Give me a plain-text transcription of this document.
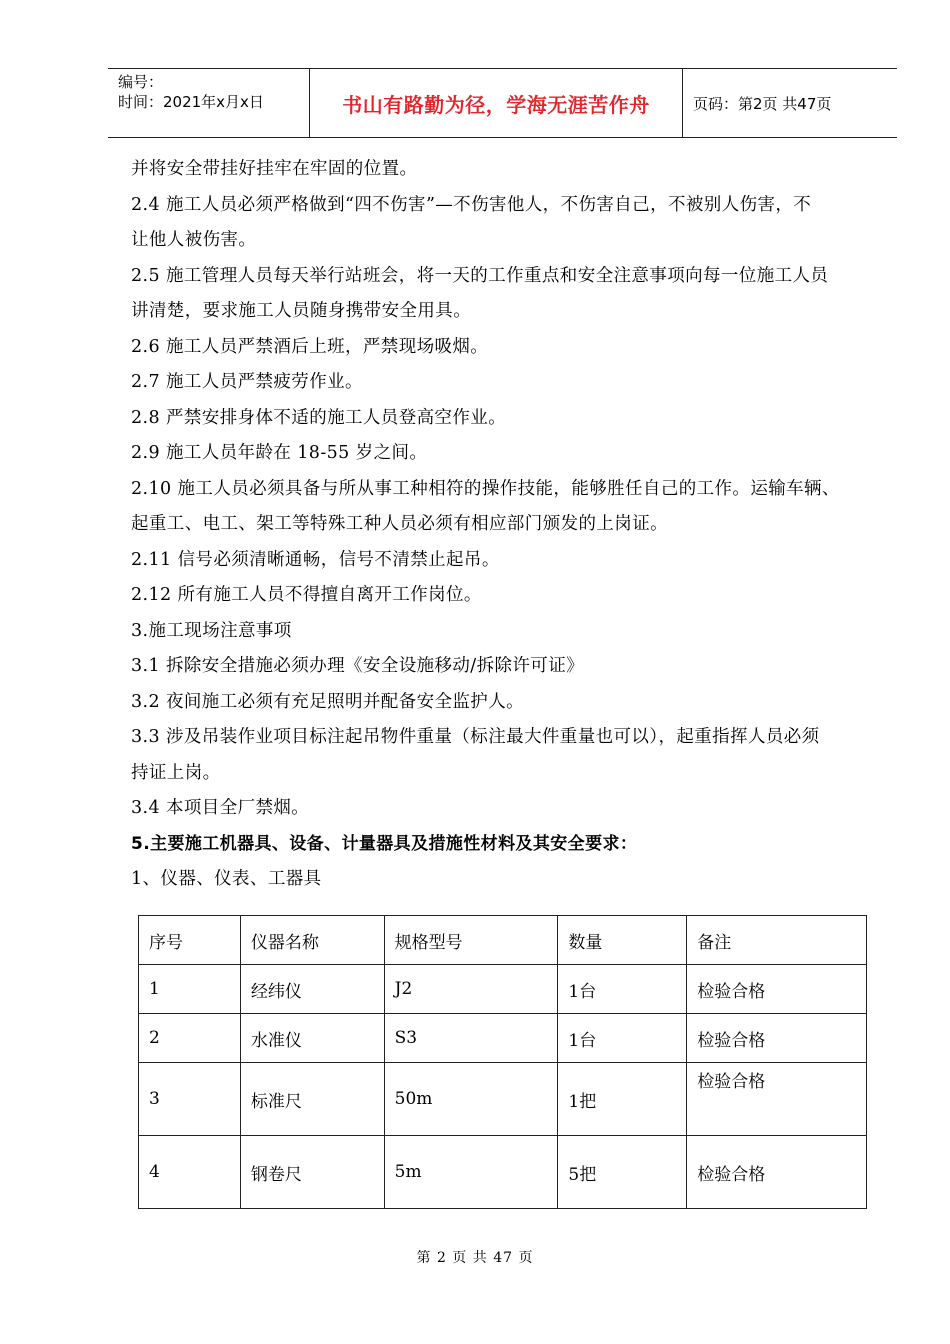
编号：
时间：2021年x月x日	书山有路勤为径，学海无涯苦作舟	页码：第2页 共47页
并将安全带挂好挂牢在牢固的位置。
2.4 施工人员必须严格做到“四不伤害”—不伤害他人，不伤害自己，不被别人伤害，不
让他人被伤害。
2.5 施工管理人员每天举行站班会，将一天的工作重点和安全注意事项向每一位施工人员
讲清楚，要求施工人员随身携带安全用具。
2.6 施工人员严禁酒后上班，严禁现场吸烟。
2.7 施工人员严禁疲劳作业。
2.8 严禁安排身体不适的施工人员登高空作业。
2.9 施工人员年龄在 18-55 岁之间。
2.10 施工人员必须具备与所从事工种相符的操作技能，能够胜任自己的工作。运输车辆、
起重工、电工、架工等特殊工种人员必须有相应部门颁发的上岗证。
2.11 信号必须清晰通畅，信号不清禁止起吊。
2.12 所有施工人员不得擅自离开工作岗位。
3.施工现场注意事项
3.1 拆除安全措施必须办理《安全设施移动/拆除许可证》
3.2 夜间施工必须有充足照明并配备安全监护人。
3.3 涉及吊装作业项目标注起吊物件重量（标注最大件重量也可以），起重指挥人员必须
持证上岗。
3.4 本项目全厂禁烟。
5.主要施工机器具、设备、计量器具及措施性材料及其安全要求：
1、仪器、仪表、工器具
序号	仪器名称	规格型号	数量	备注
1	经纬仪	J2	1台	检验合格
2	水准仪	S3	1台	检验合格
3	标准尺	50m	1把	检验合格
4	钢卷尺	5m	5把	检验合格
第 2 页 共 47 页
